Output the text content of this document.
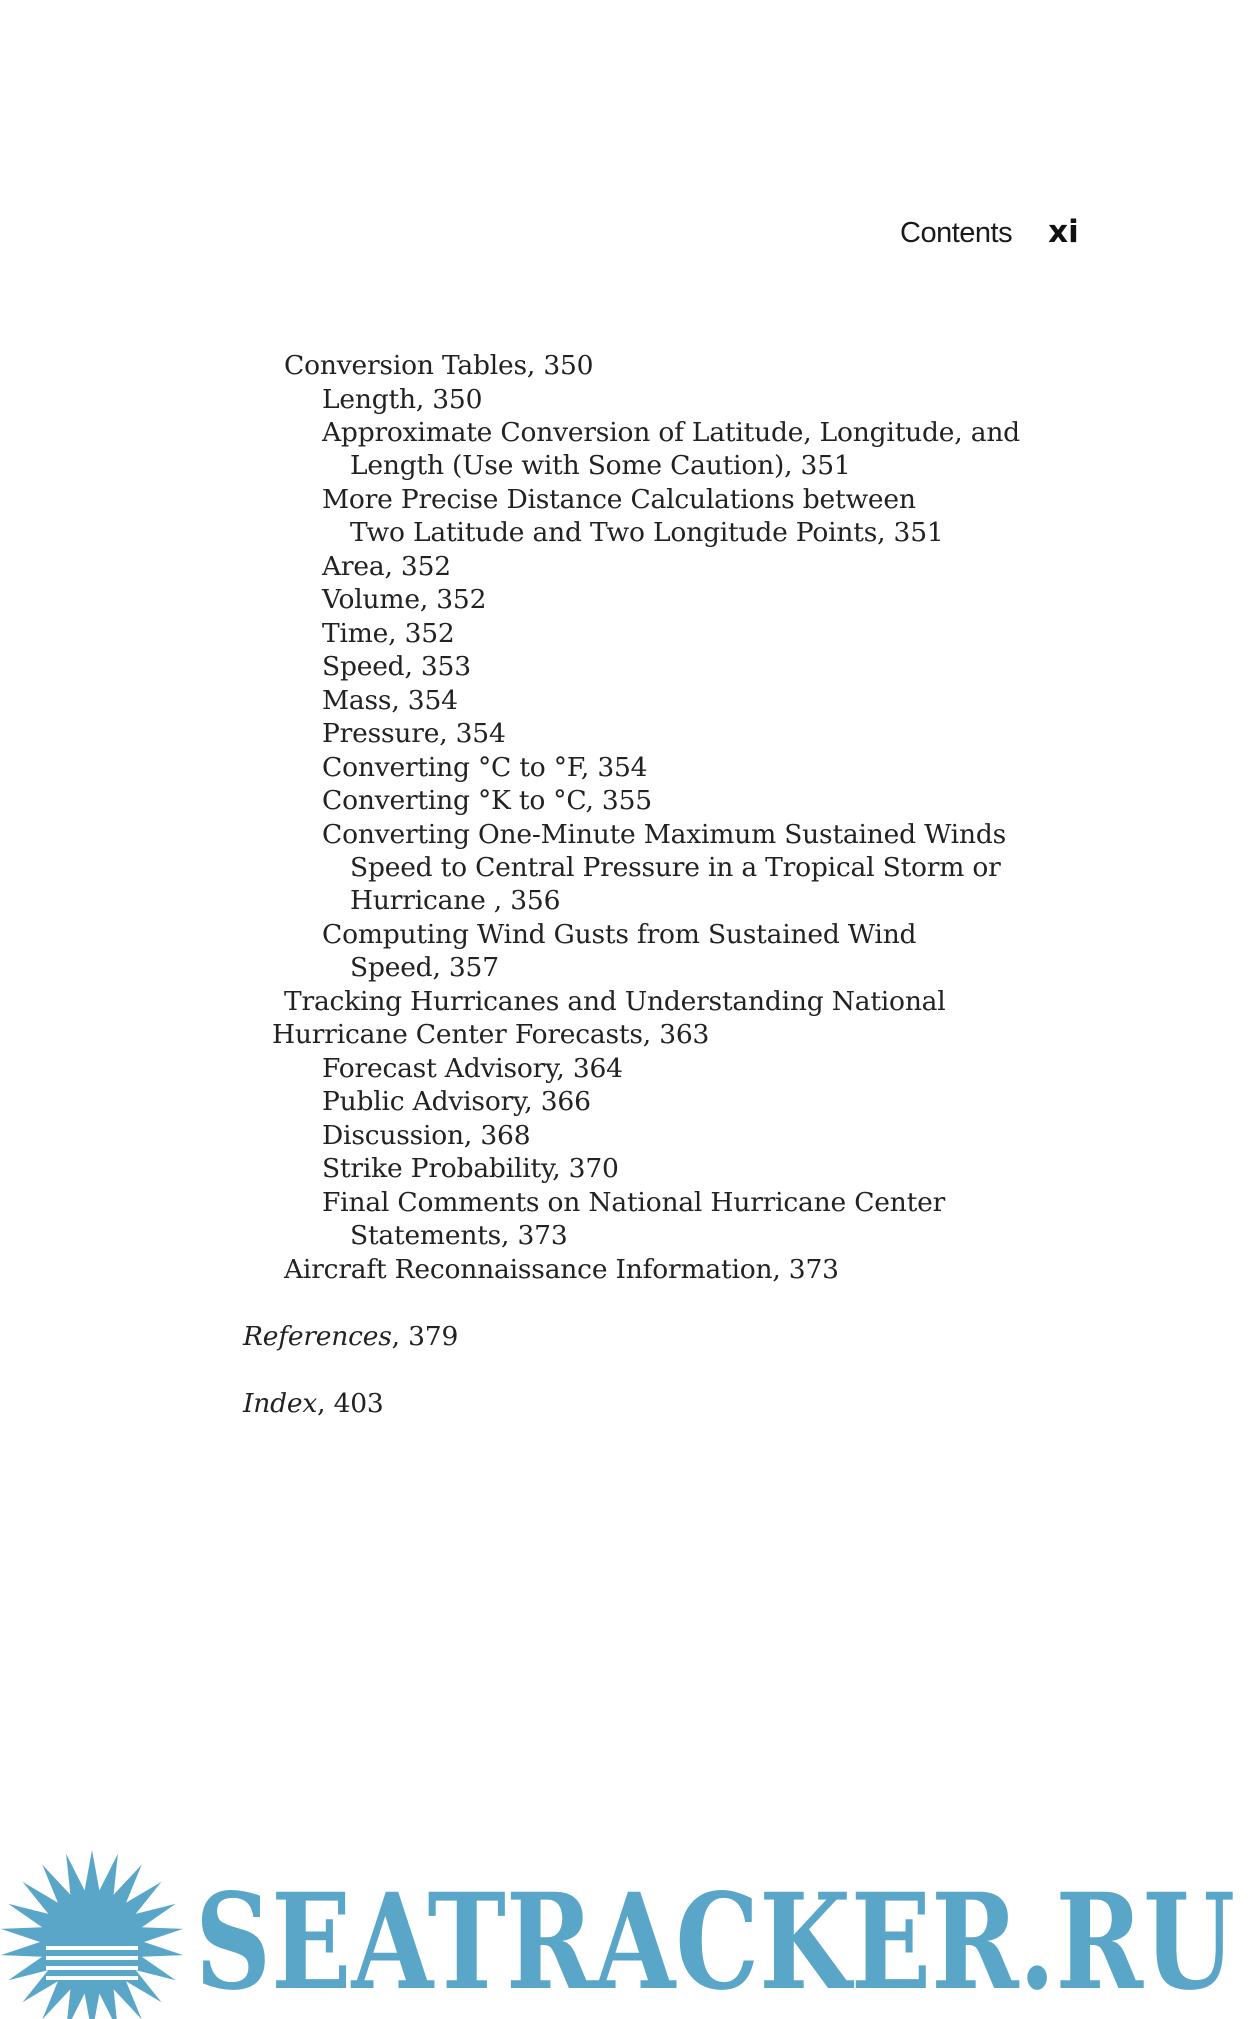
Contents xi
Conversion Tables, 350
Length, 350
Approximate Conversion of Latitude, Longitude, and
Length (Use with Some Caution), 351
More Precise Distance Calculations between
Two Latitude and Two Longitude Points, 351
Area, 352
Volume, 352
Time, 352
Speed, 353
Mass, 354
Pressure, 354
Converting °C to °F, 354
Converting °K to °C, 355
Converting One-Minute Maximum Sustained Winds
Speed to Central Pressure in a Tropical Storm or
Hurricane , 356
Computing Wind Gusts from Sustained Wind
Speed, 357
Tracking Hurricanes and Understanding National
Hurricane Center Forecasts, 363
Forecast Advisory, 364
Public Advisory, 366
Discussion, 368
Strike Probability, 370
Final Comments on National Hurricane Center
Statements, 373
Aircraft Reconnaissance Information, 373
References, 379
Index, 403
SEATRACKER.RU
